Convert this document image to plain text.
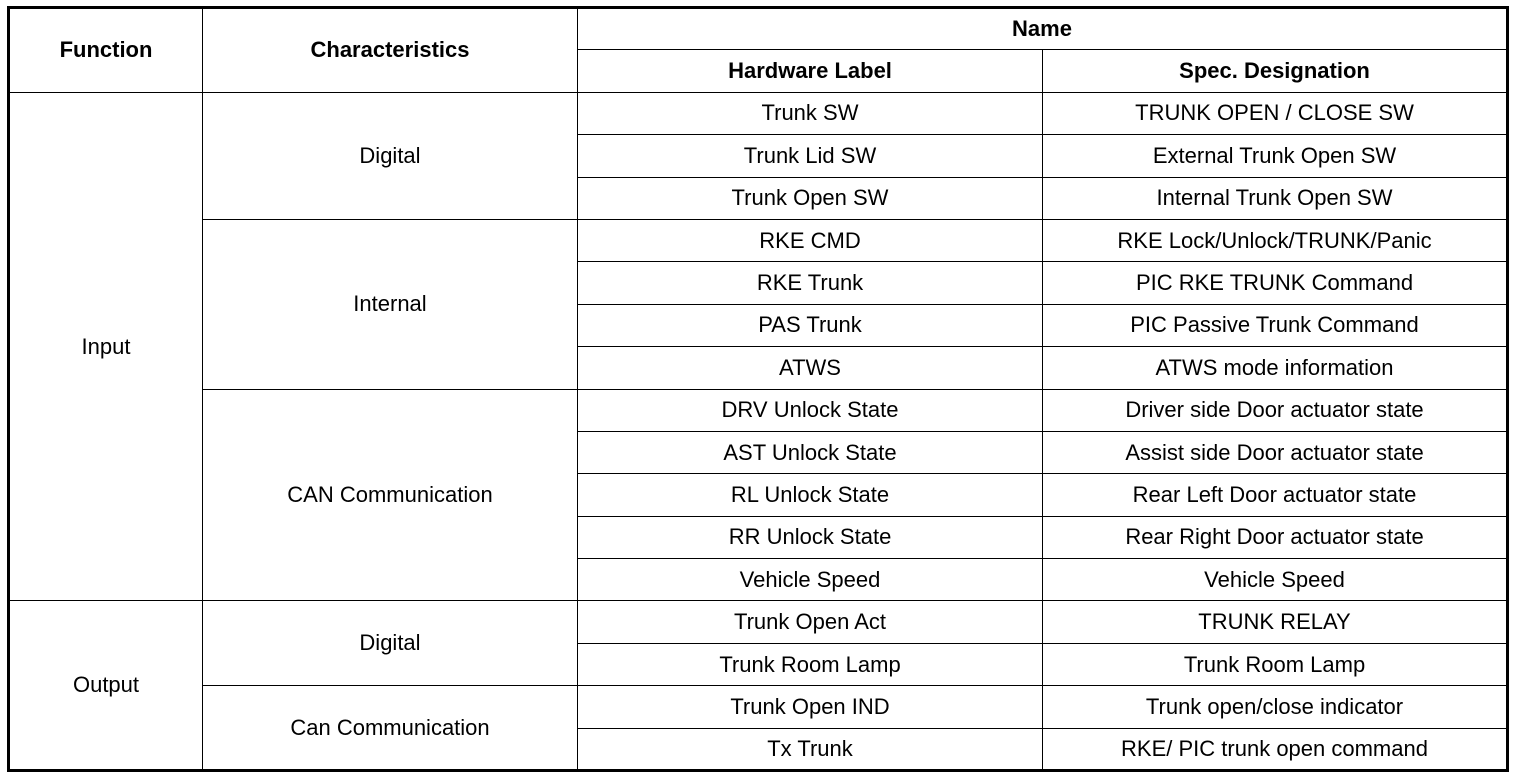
Function	Characteristics	Name	
		Hardware Label	Spec. Designation
Input	Digital	Trunk SW	TRUNK OPEN / CLOSE SW
		Trunk Lid SW	External Trunk Open SW
		Trunk Open SW	Internal Trunk Open SW
	Internal	RKE CMD	RKE Lock/Unlock/TRUNK/Panic
		RKE Trunk	PIC RKE TRUNK Command
		PAS Trunk	PIC Passive Trunk Command
		ATWS	ATWS mode information
	CAN Communication	DRV Unlock State	Driver side Door actuator state
		AST Unlock State	Assist side Door actuator state
		RL Unlock State	Rear Left Door actuator state
		RR Unlock State	Rear Right Door actuator state
		Vehicle Speed	Vehicle Speed
Output	Digital	Trunk Open Act	TRUNK RELAY
		Trunk Room Lamp	Trunk Room Lamp
	Can Communication	Trunk Open IND	Trunk open/close indicator
		Tx Trunk	RKE/ PIC trunk open command
